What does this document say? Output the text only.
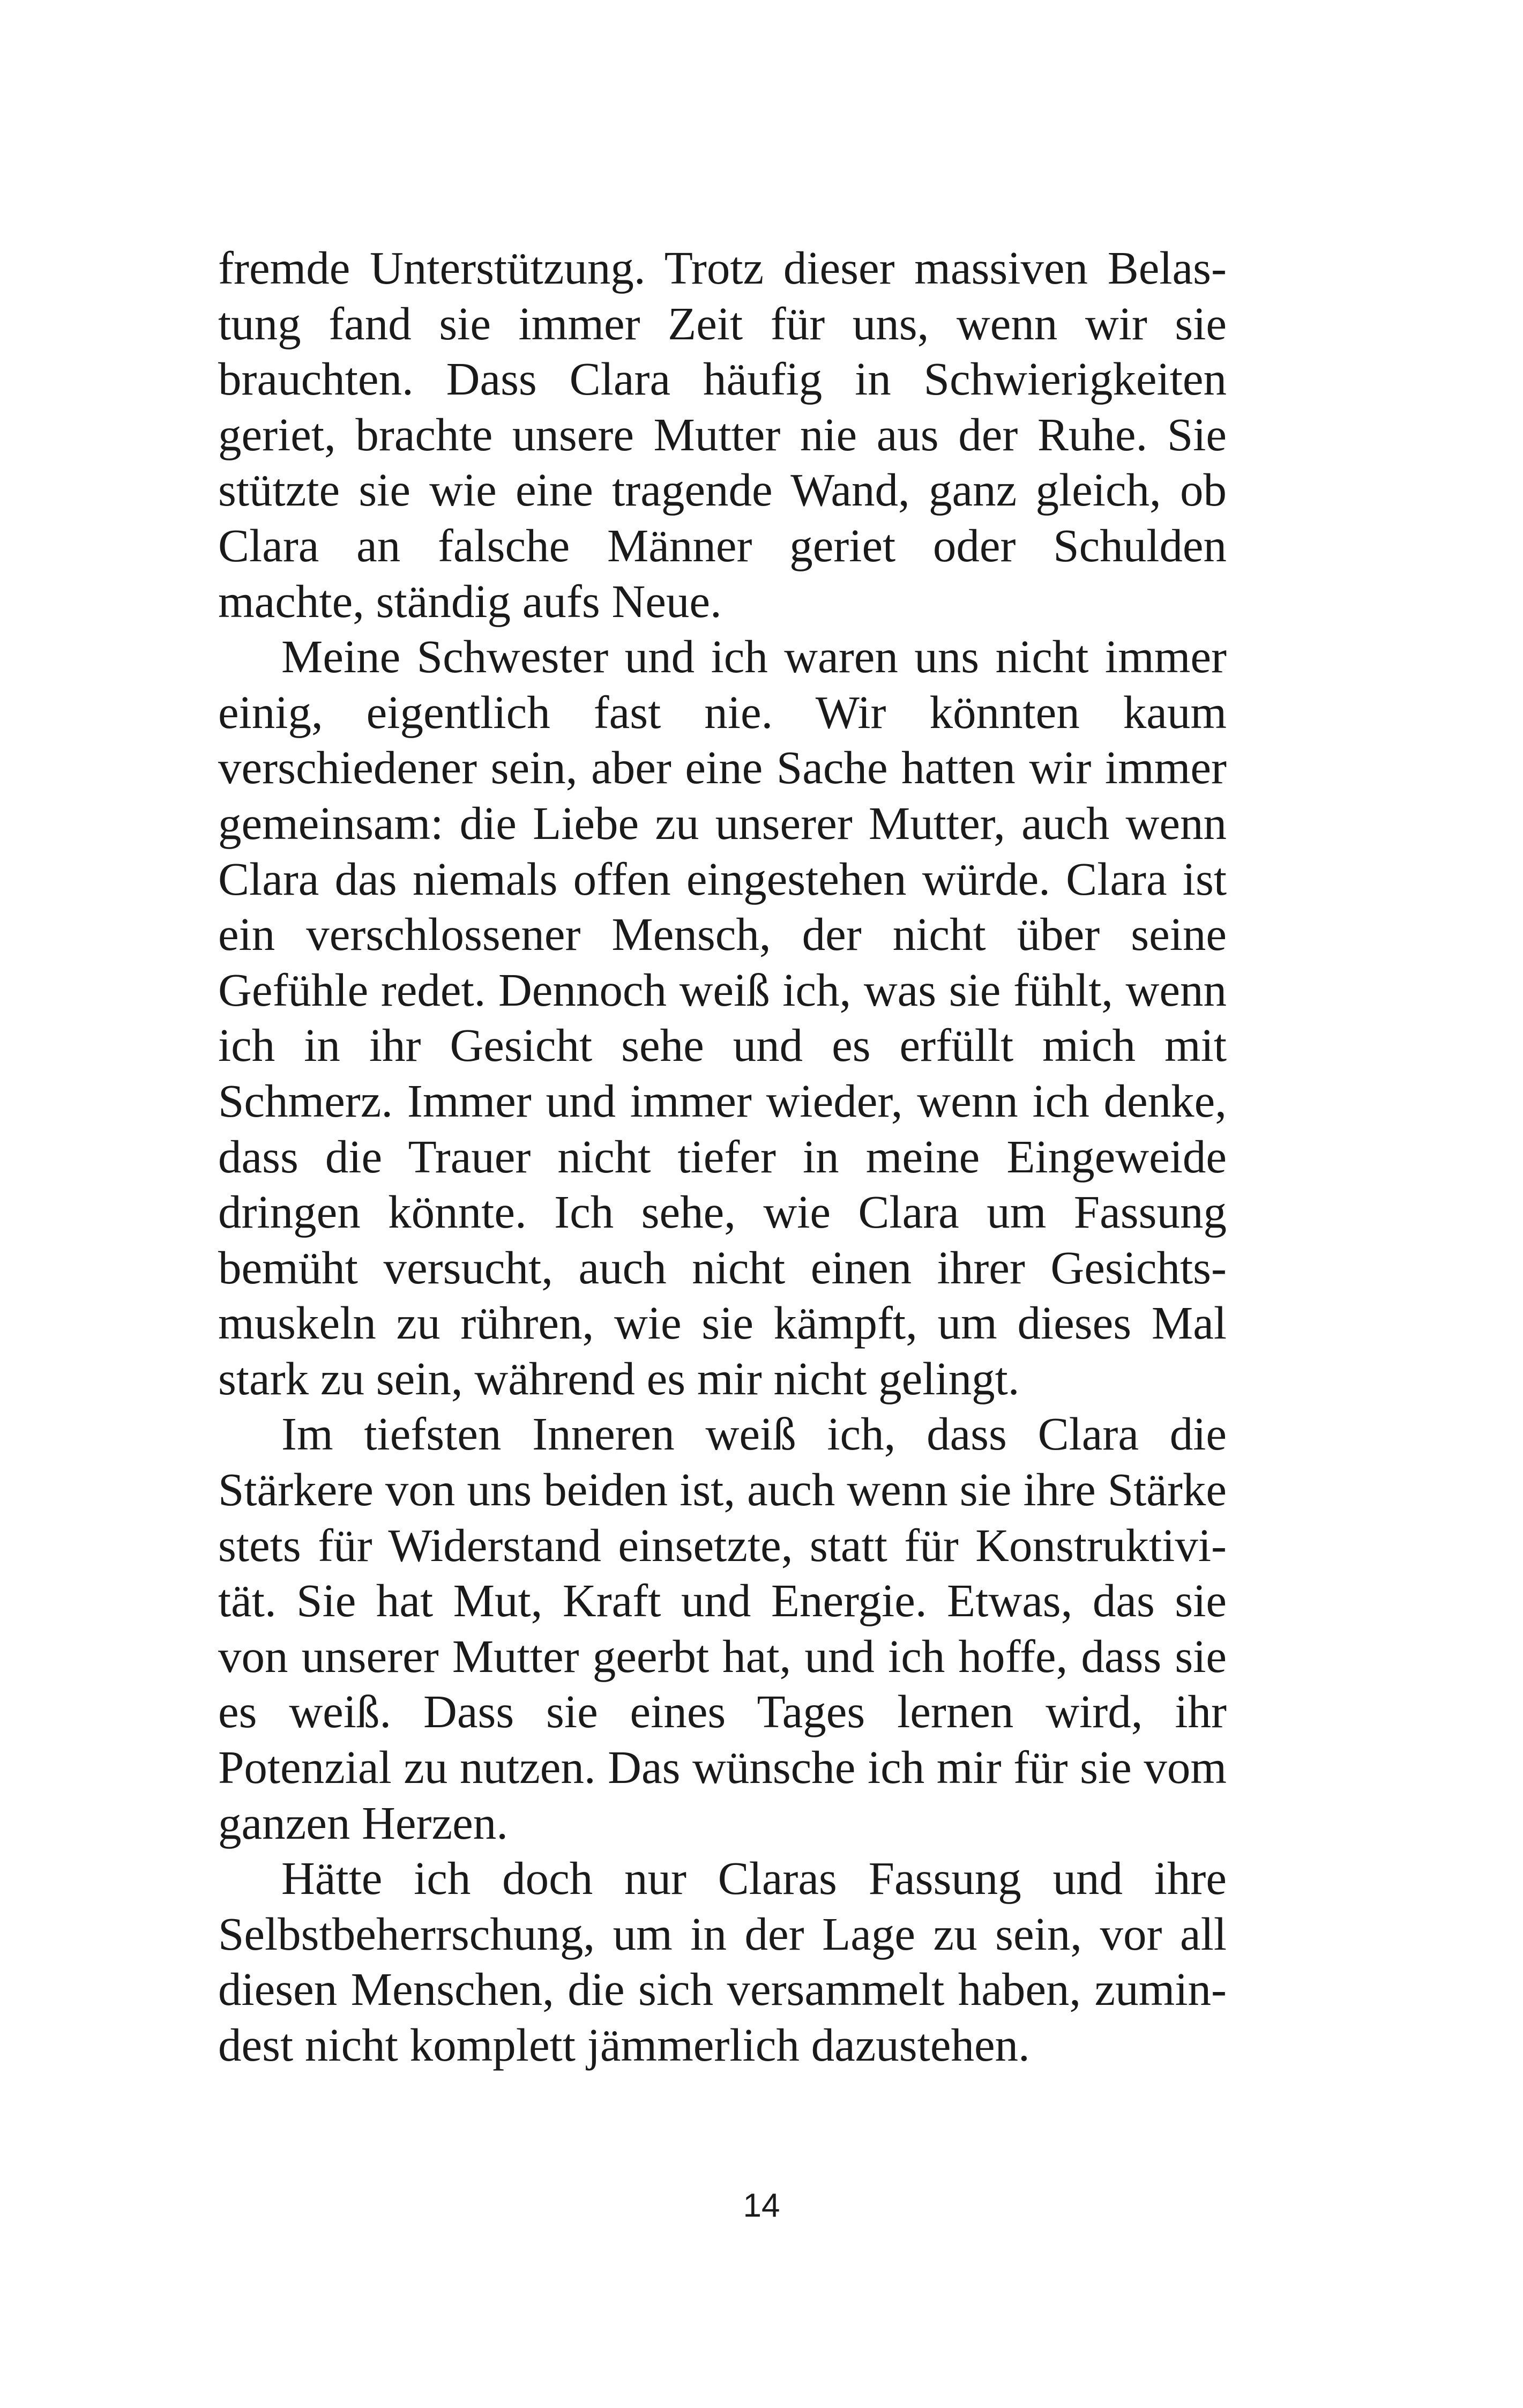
fremde Unterstützung. Trotz dieser massiven Belastung fand sie immer Zeit für uns, wenn wir sie brauchten. Dass Clara häufig in Schwierigkeiten geriet, brachte unsere Mutter nie aus der Ruhe. Sie stützte sie wie eine tragende Wand, ganz gleich, ob Clara an falsche Männer geriet oder Schulden machte, ständig aufs Neue.

Meine Schwester und ich waren uns nicht immer einig, eigentlich fast nie. Wir könnten kaum verschiedener sein, aber eine Sache hatten wir immer gemeinsam: die Liebe zu unserer Mutter, auch wenn Clara das niemals offen eingestehen würde. Clara ist ein verschlossener Mensch, der nicht über seine Gefühle redet. Dennoch weiß ich, was sie fühlt, wenn ich in ihr Gesicht sehe und es erfüllt mich mit Schmerz. Immer und immer wieder, wenn ich denke, dass die Trauer nicht tiefer in meine Eingeweide dringen könnte. Ich sehe, wie Clara um Fassung bemüht versucht, auch nicht einen ihrer Gesichtsmuskeln zu rühren, wie sie kämpft, um dieses Mal stark zu sein, während es mir nicht gelingt.

Im tiefsten Inneren weiß ich, dass Clara die Stärkere von uns beiden ist, auch wenn sie ihre Stärke stets für Widerstand einsetzte, statt für Konstruktivität. Sie hat Mut, Kraft und Energie. Etwas, das sie von unserer Mutter geerbt hat, und ich hoffe, dass sie es weiß. Dass sie eines Tages lernen wird, ihr Potenzial zu nutzen. Das wünsche ich mir für sie vom ganzen Herzen.

Hätte ich doch nur Claras Fassung und ihre Selbstbeherrschung, um in der Lage zu sein, vor all diesen Menschen, die sich versammelt haben, zumindest nicht komplett jämmerlich dazustehen.

14
